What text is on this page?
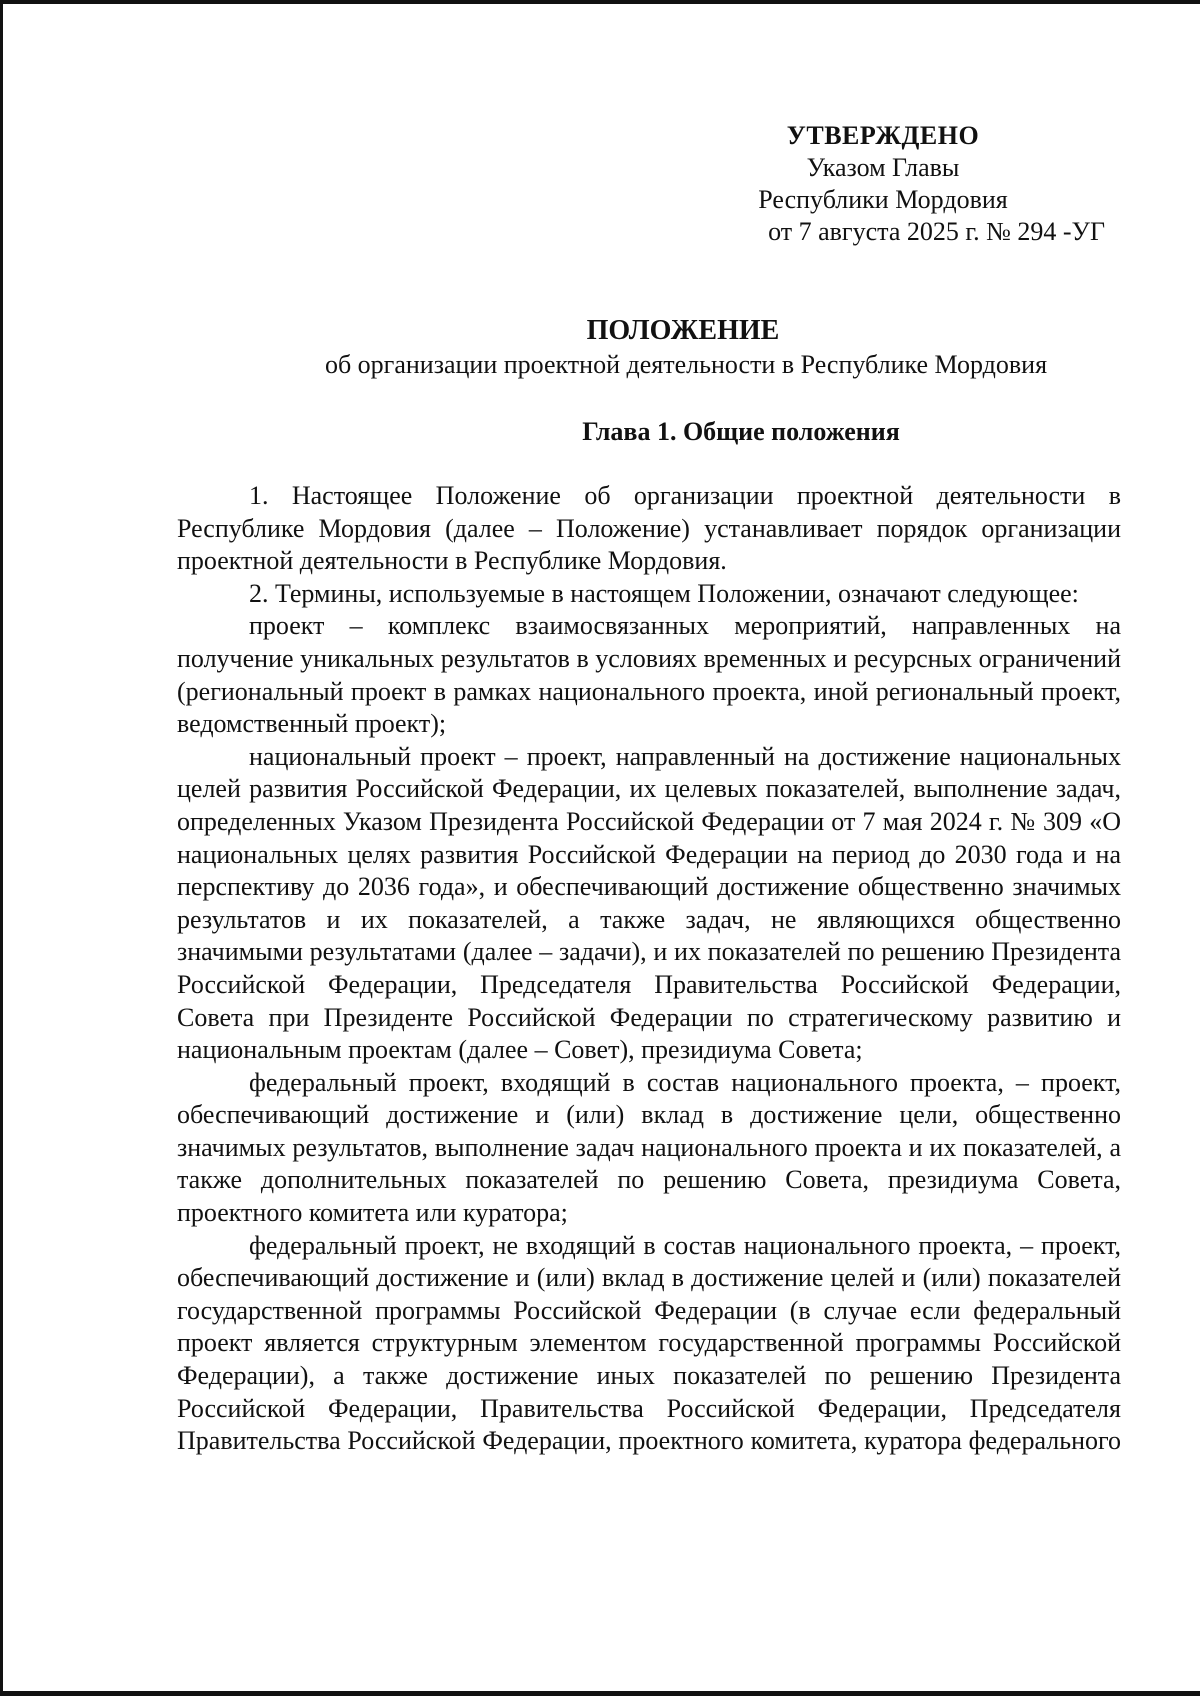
УТВЕРЖДЕНО
Указом Главы
Республики Мордовия
от 7 августа 2025 г. № 294 -УГ
ПОЛОЖЕНИЕ
об организации проектной деятельности в Республике Мордовия
Глава 1. Общие положения

1. Настоящее Положение об организации проектной деятельности в Республике Мордовия (далее – Положение) устанавливает порядок организации проектной деятельности в Республике Мордовия.

2. Термины, используемые в настоящем Положении, означают следующее:

проект – комплекс взаимосвязанных мероприятий, направленных на получение уникальных результатов в условиях временных и ресурсных ограничений (региональный проект в рамках национального проекта, иной региональный проект, ведомственный проект);

национальный проект – проект, направленный на достижение национальных целей развития Российской Федерации, их целевых показателей, выполнение задач, определенных Указом Президента Российской Федерации от 7 мая 2024 г. № 309 «О национальных целях развития Российской Федерации на период до 2030 года и на перспективу до 2036 года», и обеспечивающий достижение общественно значимых результатов и их показателей, а также задач, не являющихся общественно значимыми результатами (далее – задачи), и их показателей по решению Президента Российской Федерации, Председателя Правительства Российской Федерации, Совета при Президенте Российской Федерации по стратегическому развитию и национальным проектам (далее – Совет), президиума Совета;

федеральный проект, входящий в состав национального проекта, – проект, обеспечивающий достижение и (или) вклад в достижение цели, общественно значимых результатов, выполнение задач национального проекта и их показателей, а также дополнительных показателей по решению Совета, президиума Совета, проектного комитета или куратора;

федеральный проект, не входящий в состав национального проекта, – проект, обеспечивающий достижение и (или) вклад в достижение целей и (или) показателей государственной программы Российской Федерации (в случае если федеральный проект является структурным элементом государственной программы Российской Федерации), а также достижение иных показателей по решению Президента Российской Федерации, Правительства Российской Федерации, Председателя Правительства Российской Федерации, проектного комитета, куратора федерального
